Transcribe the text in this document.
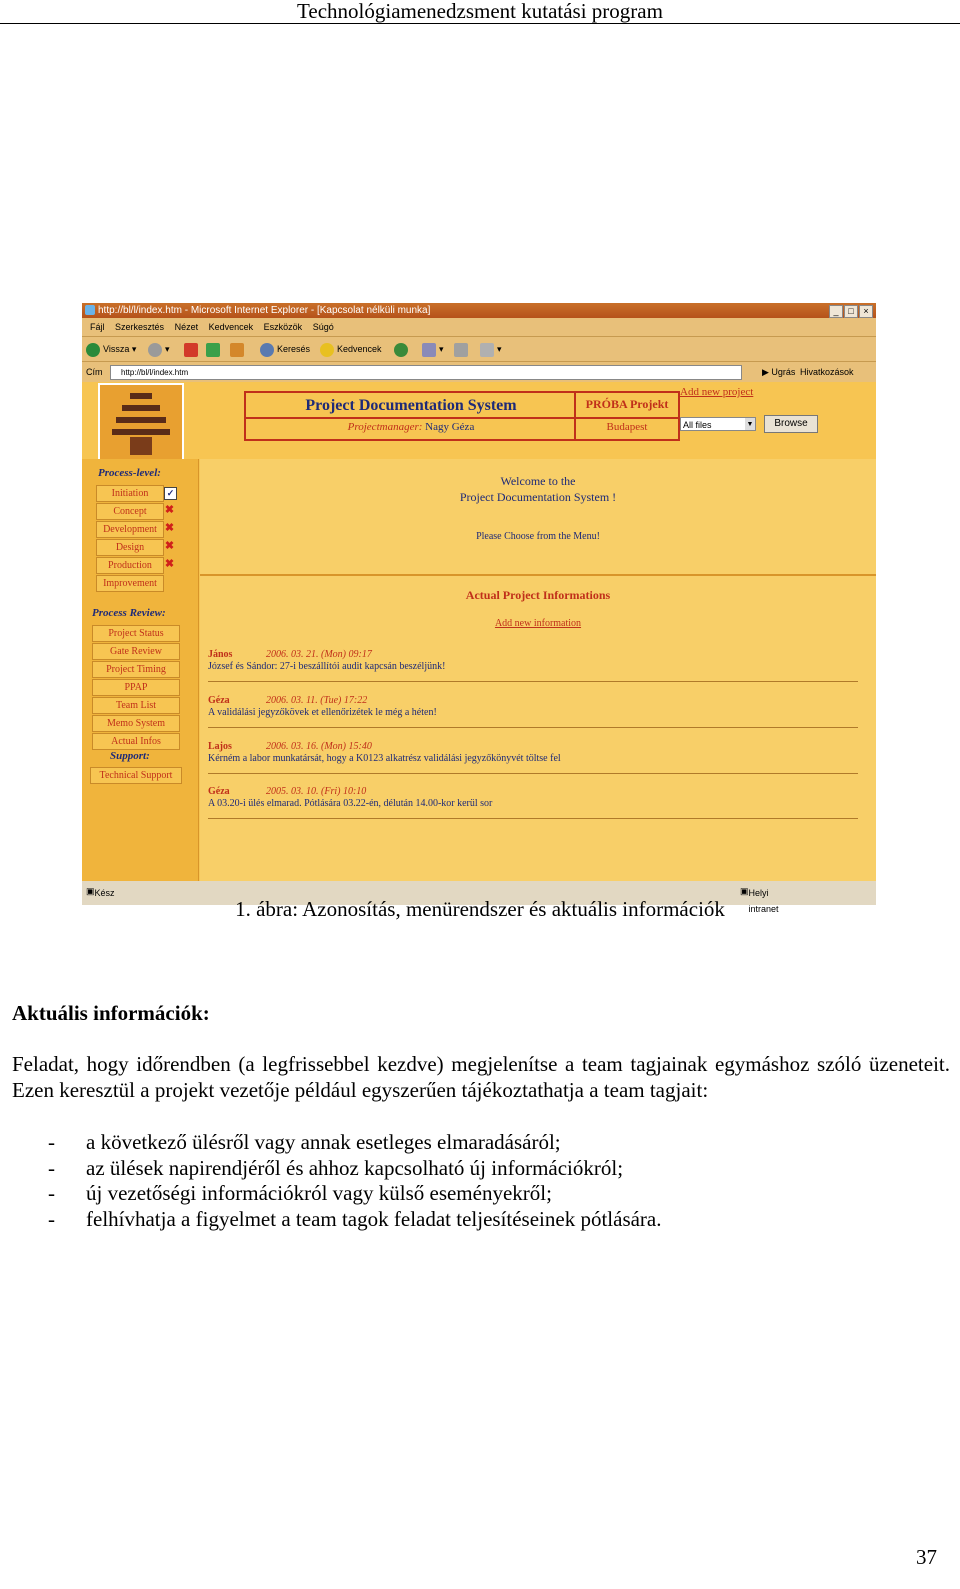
Technológiamenedzsment kutatási program
http://bl/l/index.htm - Microsoft Internet Explorer - [Kapcsolat nélküli munka]	_ □ ×
Fájl Szerkesztés Nézet Kedvencek Eszközök Súgó
Vissza ▾	▾	Keresés	Kedvencek	▾	▾
Cím	http://bl/l/index.htm	▶ Ugrás Hivatkozások
Project Documentation System	PRÓBA Projekt
Projectmanager: Nagy Géza	Budapest
Add new project
All files	▼	Browse
Process-level:
Initiation	✓
Concept	✖
Development ✖
Design	✖
Production	✖
Improvement
Process Review:
Project Status
Gate Review
Project Timing
PPAP
Team List
Memo System
Actual Infos
Support:
Technical Support
Welcome to the
Project Documentation System !
Please Choose from the Menu!
Actual Project Informations
Add new information
János	2006. 03. 21. (Mon) 09:17
József és Sándor: 27-i beszállítói audit kapcsán beszéljünk!
Géza	2006. 03. 11. (Tue) 17:22
A validálási jegyzőkövek et ellenőrizétek le még a héten!
Lajos	2006. 03. 16. (Mon) 15:40
Kérném a labor munkatársát, hogy a K0123 alkatrész validálási jegyzőkönyvét töltse fel
Géza	2005. 03. 10. (Fri) 10:10
A 03.20-i ülés elmarad. Pótlására 03.22-én, délután 14.00-kor kerül sor
▣ Kész	▣ Helyi intranet
1. ábra: Azonosítás, menürendszer és aktuális információk
Aktuális információk:
Feladat, hogy időrendben (a legfrissebbel kezdve) megjelenítse a team tagjainak egymáshoz szóló üzeneteit. Ezen keresztül a projekt vezetője például egyszerűen tájékoztathatja a team tagjait:
- a következő ülésről vagy annak esetleges elmaradásáról;
- az ülések napirendjéről és ahhoz kapcsolható új információkról;
- új vezetőségi információkról vagy külső eseményekről;
- felhívhatja a figyelmet a team tagok feladat teljesítéseinek pótlására.
37
